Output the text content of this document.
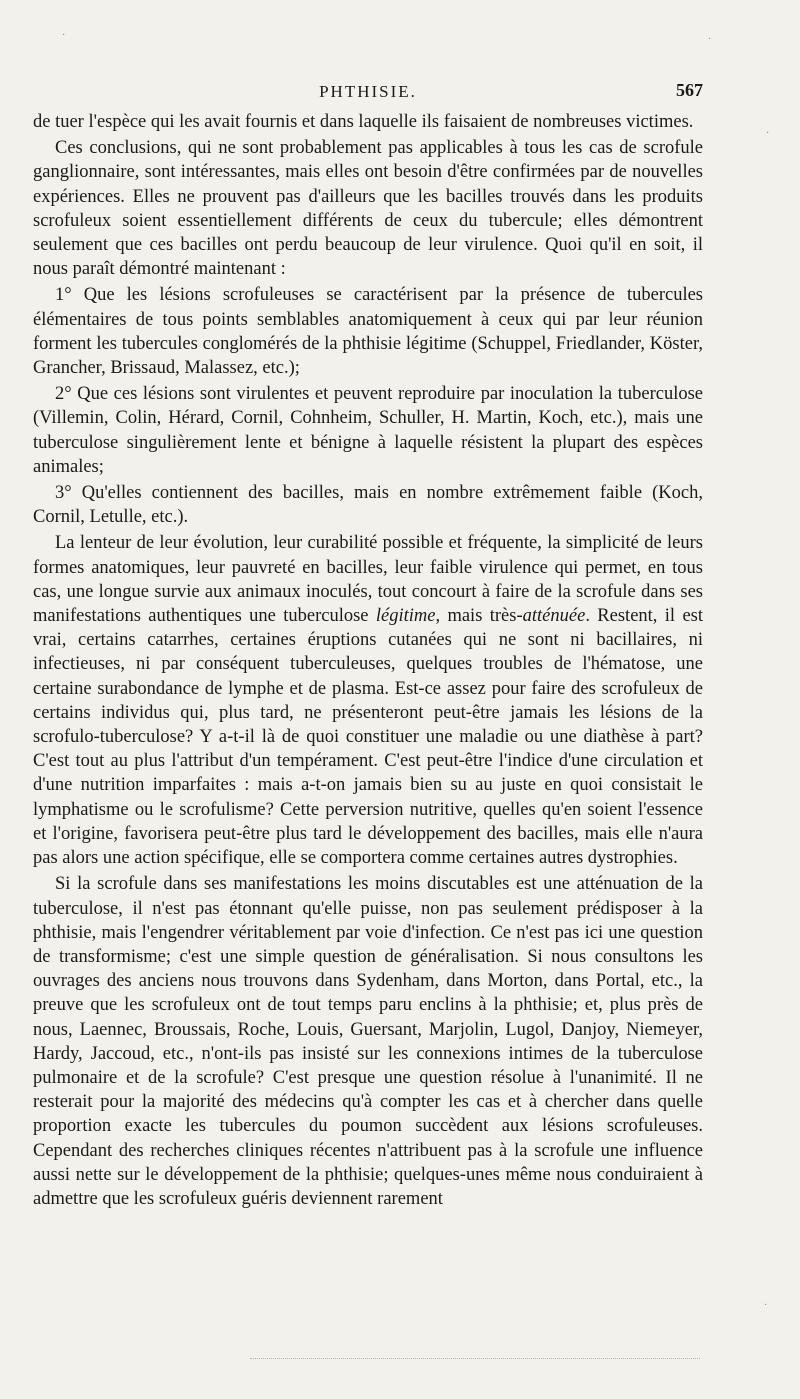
·	·
·
·
PHTHISIE.	567

de tuer l'espèce qui les avait fournis et dans laquelle ils faisaient de nombreuses victimes.

Ces conclusions, qui ne sont probablement pas applicables à tous les cas de scrofule ganglionnaire, sont intéressantes, mais elles ont besoin d'être confirmées par de nouvelles expériences. Elles ne prouvent pas d'ailleurs que les bacilles trouvés dans les produits scrofuleux soient essentiellement différents de ceux du tubercule; elles démontrent seulement que ces bacilles ont perdu beaucoup de leur virulence. Quoi qu'il en soit, il nous paraît démontré maintenant :

1° Que les lésions scrofuleuses se caractérisent par la présence de tubercules élémentaires de tous points semblables anatomiquement à ceux qui par leur réunion forment les tubercules conglomérés de la phthisie légitime (Schuppel, Friedlander, Köster, Grancher, Brissaud, Malassez, etc.);

2° Que ces lésions sont virulentes et peuvent reproduire par inoculation la tuberculose (Villemin, Colin, Hérard, Cornil, Cohnheim, Schuller, H. Martin, Koch, etc.), mais une tuberculose singulièrement lente et bénigne à laquelle résistent la plupart des espèces animales;

3° Qu'elles contiennent des bacilles, mais en nombre extrêmement faible (Koch, Cornil, Letulle, etc.).

La lenteur de leur évolution, leur curabilité possible et fréquente, la simplicité de leurs formes anatomiques, leur pauvreté en bacilles, leur faible virulence qui permet, en tous cas, une longue survie aux animaux inoculés, tout concourt à faire de la scrofule dans ses manifestations authentiques une tuberculose légitime, mais très-atténuée. Restent, il est vrai, certains catarrhes, certaines éruptions cutanées qui ne sont ni bacillaires, ni infectieuses, ni par conséquent tuberculeuses, quelques troubles de l'hématose, une certaine surabondance de lymphe et de plasma. Est-ce assez pour faire des scrofuleux de certains individus qui, plus tard, ne présenteront peut-être jamais les lésions de la scrofulo-tuberculose? Y a-t-il là de quoi constituer une maladie ou une diathèse à part? C'est tout au plus l'attribut d'un tempérament. C'est peut-être l'indice d'une circulation et d'une nutrition imparfaites : mais a-t-on jamais bien su au juste en quoi consistait le lymphatisme ou le scrofulisme? Cette perversion nutritive, quelles qu'en soient l'essence et l'origine, favorisera peut-être plus tard le développement des bacilles, mais elle n'aura pas alors une action spécifique, elle se comportera comme certaines autres dystrophies.

Si la scrofule dans ses manifestations les moins discutables est une atténuation de la tuberculose, il n'est pas étonnant qu'elle puisse, non pas seulement prédisposer à la phthisie, mais l'engendrer véritablement par voie d'infection. Ce n'est pas ici une question de transformisme; c'est une simple question de généralisation. Si nous consultons les ouvrages des anciens nous trouvons dans Sydenham, dans Morton, dans Portal, etc., la preuve que les scrofuleux ont de tout temps paru enclins à la phthisie; et, plus près de nous, Laennec, Broussais, Roche, Louis, Guersant, Marjolin, Lugol, Danjoy, Niemeyer, Hardy, Jaccoud, etc., n'ont-ils pas insisté sur les connexions intimes de la tuberculose pulmonaire et de la scrofule? C'est presque une question résolue à l'unanimité. Il ne resterait pour la majorité des médecins qu'à compter les cas et à chercher dans quelle proportion exacte les tubercules du poumon succèdent aux lésions scrofuleuses. Cependant des recherches cliniques récentes n'attribuent pas à la scrofule une influence aussi nette sur le développement de la phthisie; quelques-unes même nous conduiraient à admettre que les scrofuleux guéris deviennent rarement
